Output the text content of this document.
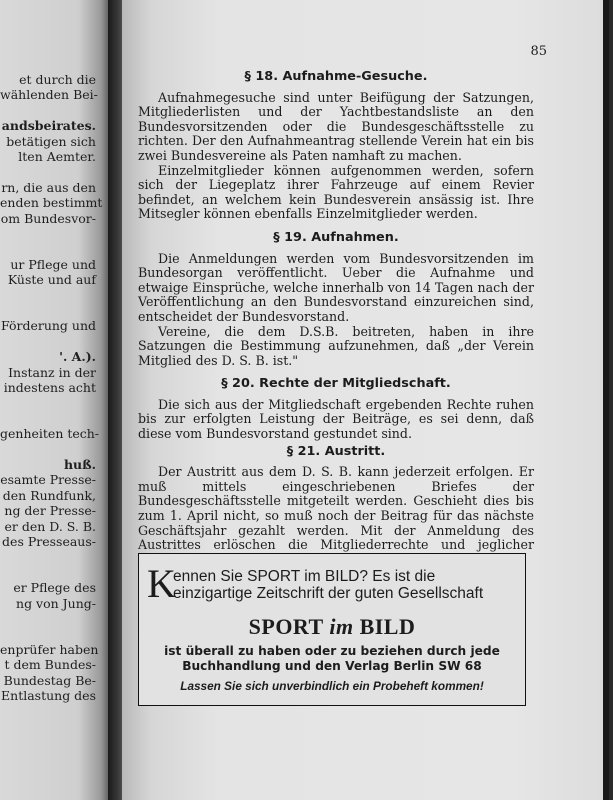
et durch die
wählenden Bei-
andsbeirates.
betätigen sich
lten Aemter.
rn, die aus den
enden bestimmt
om Bundesvor-
ur Pflege und
Küste und auf
Förderung und
'. A.).
Instanz in der
indestens acht
genheiten tech-
huß.
esamte Presse-
den Rundfunk,
ng der Presse-
er den D. S. B.
des Presseaus-
er Pflege des
ng von Jung-
enprüfer haben
t dem Bundes-
Bundestag Be-
Entlastung des
85
§ 18. Aufnahme-Gesuche.

Aufnahmegesuche sind unter Beifügung der Satzungen, Mitgliederlisten und der Yachtbestandsliste an den Bundesvorsitzenden oder die Bundesgeschäftsstelle zu richten. Der den Aufnahmeantrag stellende Verein hat ein bis zwei Bundesvereine als Paten namhaft zu machen.

Einzelmitglieder können aufgenommen werden, sofern sich der Liegeplatz ihrer Fahrzeuge auf einem Revier befindet, an welchem kein Bundesverein ansässig ist. Ihre Mitsegler können ebenfalls Einzelmitglieder werden.

§ 19. Aufnahmen.

Die Anmeldungen werden vom Bundesvorsitzenden im Bundesorgan veröffentlicht. Ueber die Aufnahme und etwaige Einsprüche, welche innerhalb von 14 Tagen nach der Veröffentlichung an den Bundesvorstand einzureichen sind, entscheidet der Bundesvorstand.

Vereine, die dem D.S.B. beitreten, haben in ihre Satzungen die Bestimmung aufzunehmen, daß „der Verein Mitglied des D. S. B. ist."

§ 20. Rechte der Mitgliedschaft.

Die sich aus der Mitgliedschaft ergebenden Rechte ruhen bis zur erfolgten Leistung der Beiträge, es sei denn, daß diese vom Bundesvorstand gestundet sind.

§ 21. Austritt.

Der Austritt aus dem D. S. B. kann jederzeit erfolgen. Er muß mittels eingeschriebenen Briefes der Bundesgeschäftsstelle mitgeteilt werden. Geschieht dies bis zum 1. April nicht, so muß noch der Beitrag für das nächste Geschäftsjahr gezahlt werden. Mit der Anmeldung des Austrittes erlöschen die Mitgliederrechte und jeglicher

K
ennen Sie SPORT im BILD? Es ist die einzigartige Zeitschrift der guten Gesellschaft
SPORT im BILD
ist überall zu haben oder zu beziehen durch jede
Buchhandlung und den Verlag Berlin SW 68
Lassen Sie sich unverbindlich ein Probeheft kommen!
